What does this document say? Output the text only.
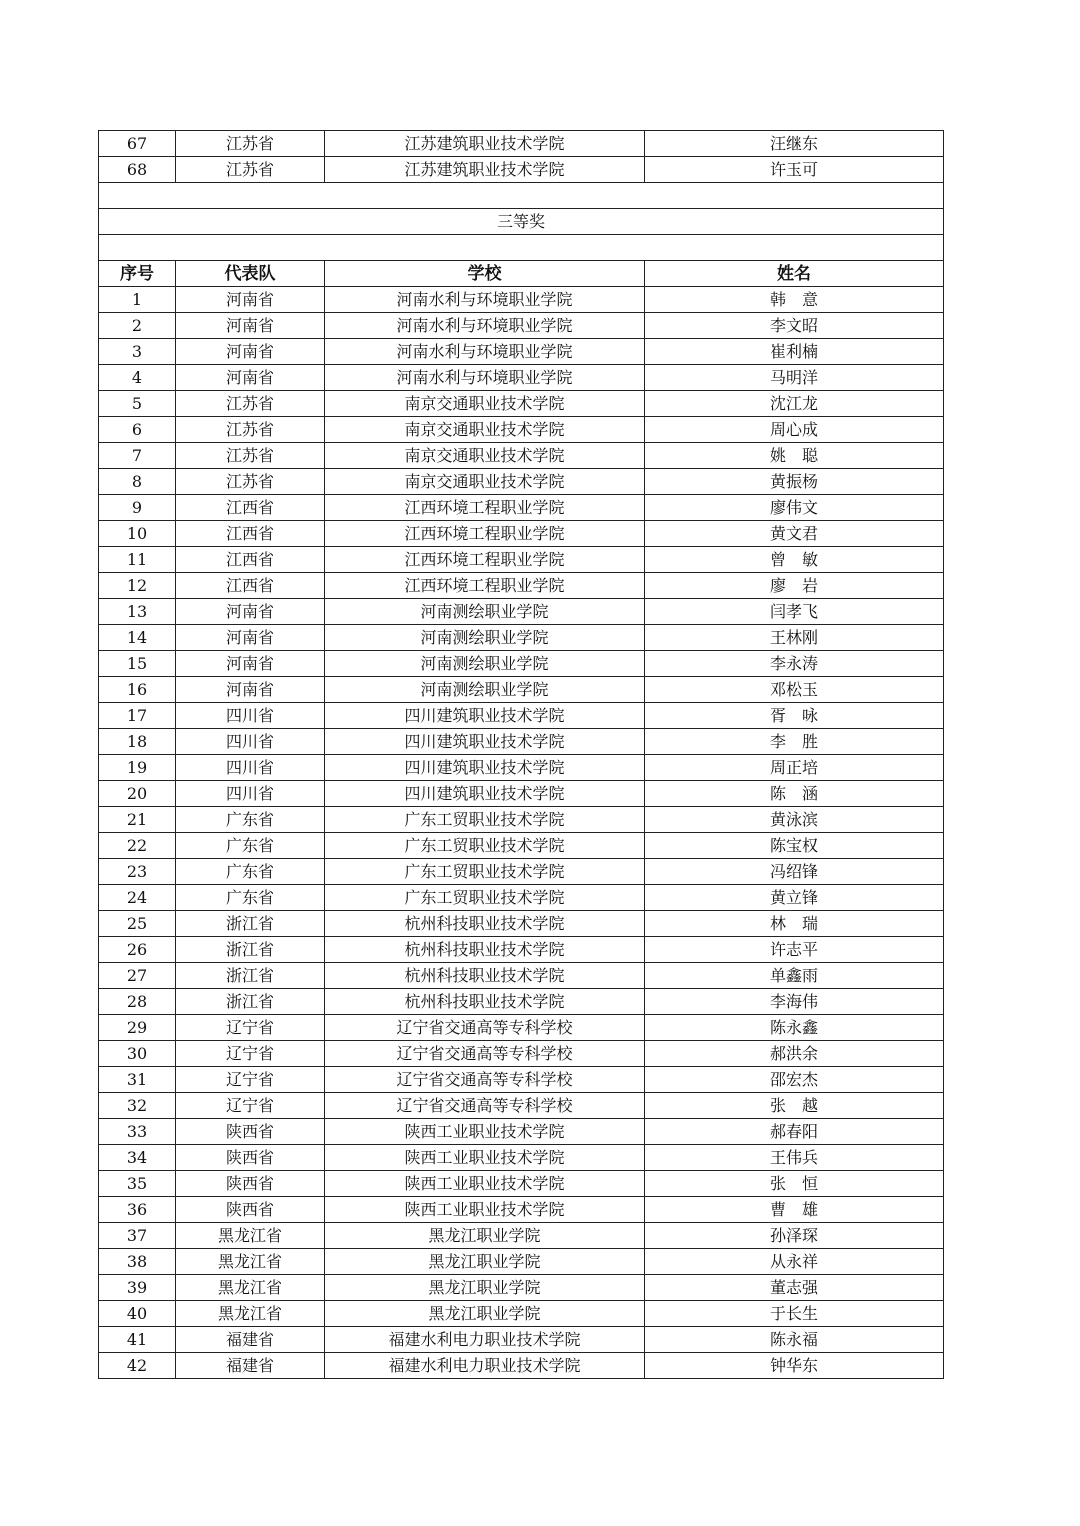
67	江苏省	江苏建筑职业技术学院	汪继东
68	江苏省	江苏建筑职业技术学院	许玉可

三等奖			

序号	代表队	学校	姓名
1	河南省	河南水利与环境职业学院	韩　意
2	河南省	河南水利与环境职业学院	李文昭
3	河南省	河南水利与环境职业学院	崔利楠
4	河南省	河南水利与环境职业学院	马明洋
5	江苏省	南京交通职业技术学院	沈江龙
6	江苏省	南京交通职业技术学院	周心成
7	江苏省	南京交通职业技术学院	姚　聪
8	江苏省	南京交通职业技术学院	黄振杨
9	江西省	江西环境工程职业学院	廖伟文
10	江西省	江西环境工程职业学院	黄文君
11	江西省	江西环境工程职业学院	曾　敏
12	江西省	江西环境工程职业学院	廖　岩
13	河南省	河南测绘职业学院	闫孝飞
14	河南省	河南测绘职业学院	王林刚
15	河南省	河南测绘职业学院	李永涛
16	河南省	河南测绘职业学院	邓松玉
17	四川省	四川建筑职业技术学院	胥　咏
18	四川省	四川建筑职业技术学院	李　胜
19	四川省	四川建筑职业技术学院	周正培
20	四川省	四川建筑职业技术学院	陈　涵
21	广东省	广东工贸职业技术学院	黄泳滨
22	广东省	广东工贸职业技术学院	陈宝权
23	广东省	广东工贸职业技术学院	冯绍锋
24	广东省	广东工贸职业技术学院	黄立锋
25	浙江省	杭州科技职业技术学院	林　瑞
26	浙江省	杭州科技职业技术学院	许志平
27	浙江省	杭州科技职业技术学院	单鑫雨
28	浙江省	杭州科技职业技术学院	李海伟
29	辽宁省	辽宁省交通高等专科学校	陈永鑫
30	辽宁省	辽宁省交通高等专科学校	郝洪余
31	辽宁省	辽宁省交通高等专科学校	邵宏杰
32	辽宁省	辽宁省交通高等专科学校	张　越
33	陕西省	陕西工业职业技术学院	郝春阳
34	陕西省	陕西工业职业技术学院	王伟兵
35	陕西省	陕西工业职业技术学院	张　恒
36	陕西省	陕西工业职业技术学院	曹　雄
37	黑龙江省	黑龙江职业学院	孙泽琛
38	黑龙江省	黑龙江职业学院	从永祥
39	黑龙江省	黑龙江职业学院	董志强
40	黑龙江省	黑龙江职业学院	于长生
41	福建省	福建水利电力职业技术学院	陈永福
42	福建省	福建水利电力职业技术学院	钟华东
